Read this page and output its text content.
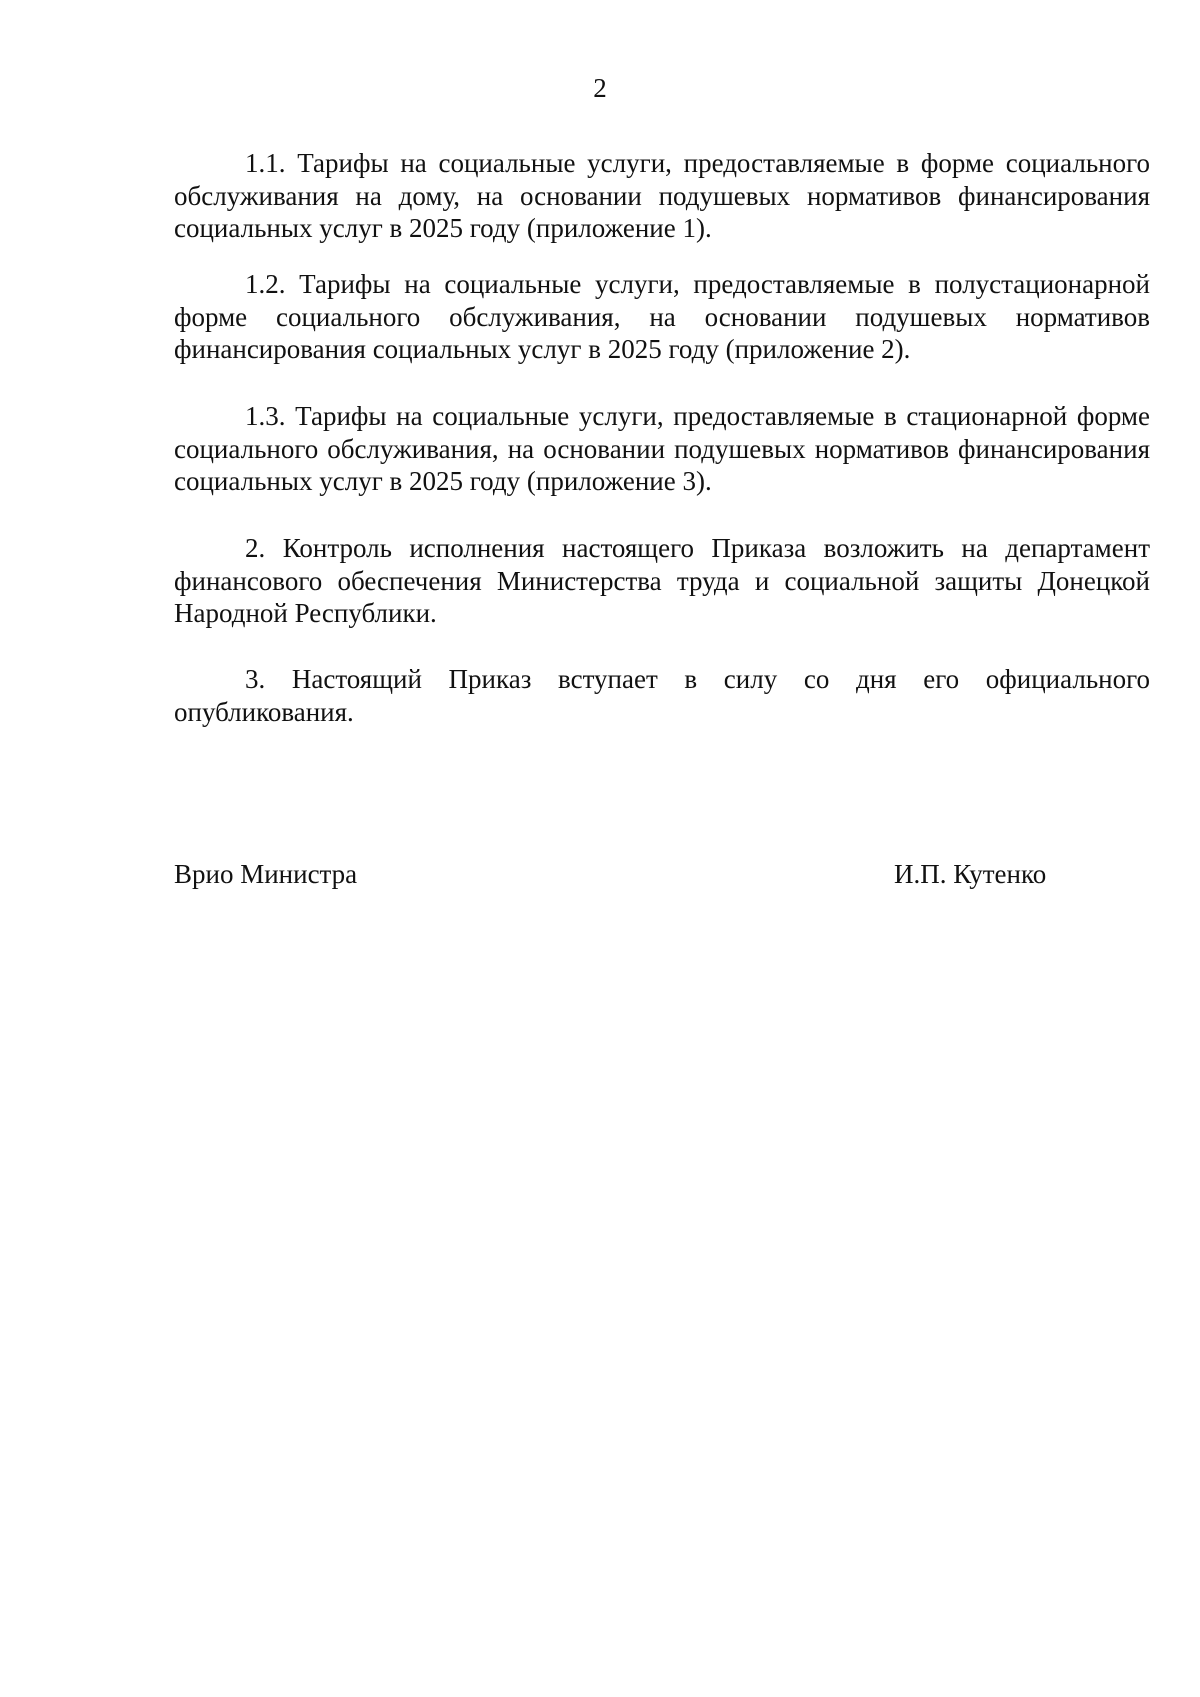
2

1.1. Тарифы на социальные услуги, предоставляемые в форме социального обслуживания на дому, на основании подушевых нормативов финансирования социальных услуг в 2025 году (приложение 1).

1.2. Тарифы на социальные услуги, предоставляемые в полустационарной форме социального обслуживания, на основании подушевых нормативов финансирования социальных услуг в 2025 году (приложение 2).

1.3. Тарифы на социальные услуги, предоставляемые в стационарной форме социального обслуживания, на основании подушевых нормативов финансирования социальных услуг в 2025 году (приложение 3).

2. Контроль исполнения настоящего Приказа возложить на департамент финансового обеспечения Министерства труда и социальной защиты Донецкой Народной Республики.

3. Настоящий Приказ вступает в силу со дня его официального опубликования.

Врио Министра	И.П. Кутенко
